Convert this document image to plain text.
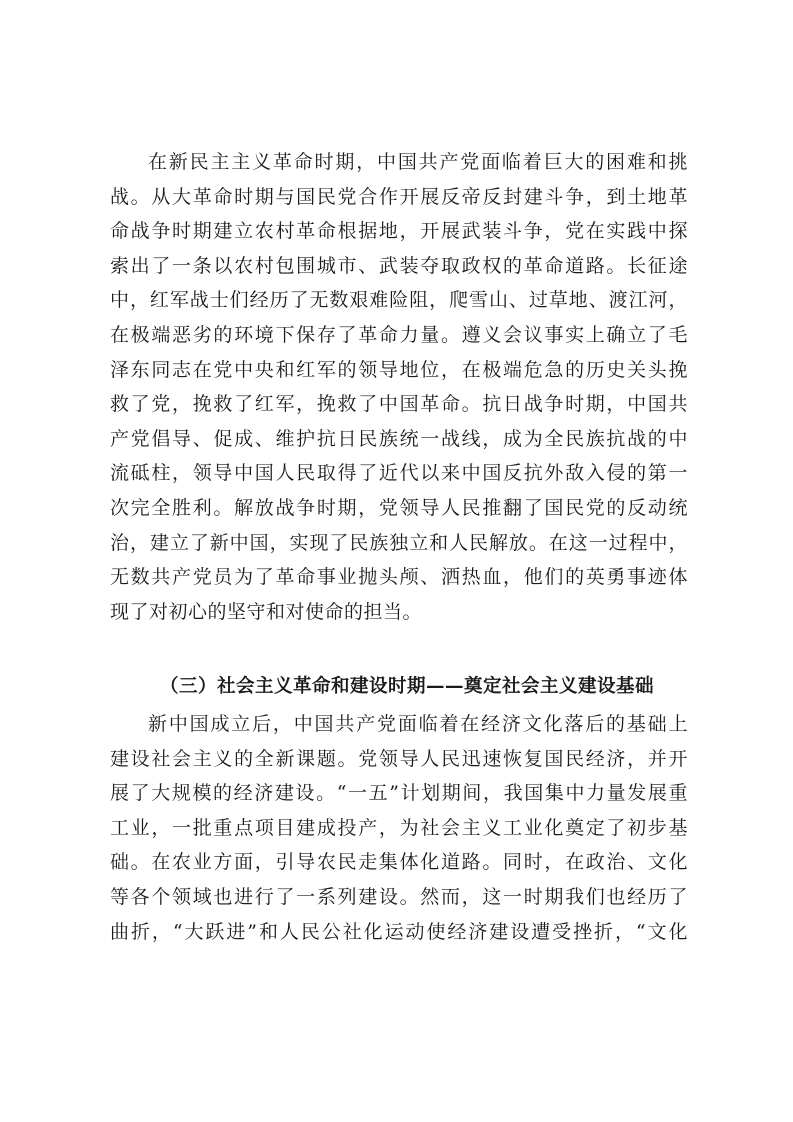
在新民主主义革命时期，中国共产党面临着巨大的困难和挑
战。从大革命时期与国民党合作开展反帝反封建斗争，到土地革
命战争时期建立农村革命根据地，开展武装斗争，党在实践中探
索出了一条以农村包围城市、武装夺取政权的革命道路。长征途
中，红军战士们经历了无数艰难险阻，爬雪山、过草地、渡江河，
在极端恶劣的环境下保存了革命力量。遵义会议事实上确立了毛
泽东同志在党中央和红军的领导地位，在极端危急的历史关头挽
救了党，挽救了红军，挽救了中国革命。抗日战争时期，中国共
产党倡导、促成、维护抗日民族统一战线，成为全民族抗战的中
流砥柱，领导中国人民取得了近代以来中国反抗外敌入侵的第一
次完全胜利。解放战争时期，党领导人民推翻了国民党的反动统
治，建立了新中国，实现了民族独立和人民解放。在这一过程中，
无数共产党员为了革命事业抛头颅、洒热血，他们的英勇事迹体
现了对初心的坚守和对使命的担当。
（三）社会主义革命和建设时期——奠定社会主义建设基础
新中国成立后，中国共产党面临着在经济文化落后的基础上
建设社会主义的全新课题。党领导人民迅速恢复国民经济，并开
展了大规模的经济建设。“一五”计划期间，我国集中力量发展重
工业，一批重点项目建成投产，为社会主义工业化奠定了初步基
础。在农业方面，引导农民走集体化道路。同时，在政治、文化
等各个领域也进行了一系列建设。然而，这一时期我们也经历了
曲折，“大跃进”和人民公社化运动使经济建设遭受挫折，“文化
